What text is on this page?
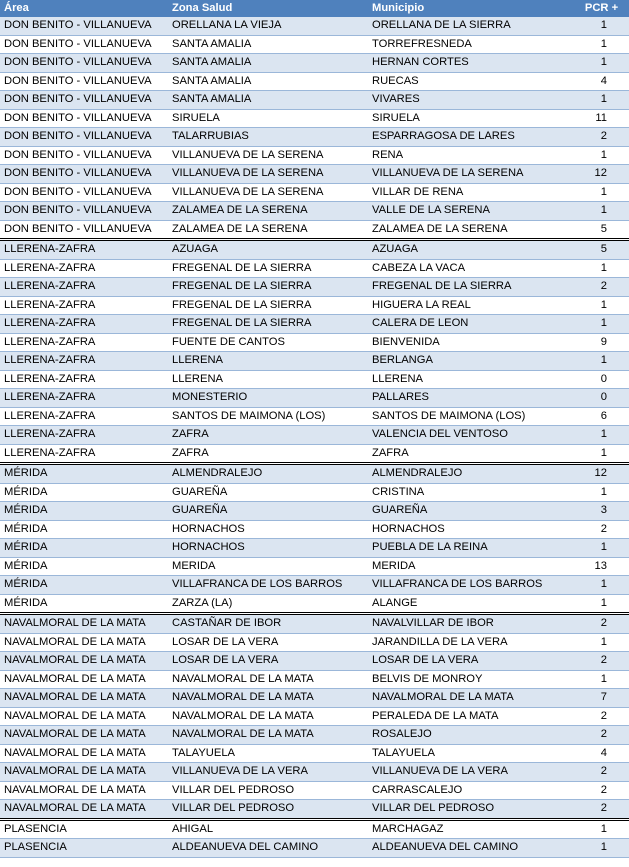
Área	Zona Salud	Municipio	PCR +
DON BENITO - VILLANUEVA	ORELLANA LA VIEJA	ORELLANA DE LA SIERRA	1
DON BENITO - VILLANUEVA	SANTA AMALIA	TORREFRESNEDA	1
DON BENITO - VILLANUEVA	SANTA AMALIA	HERNAN CORTES	1
DON BENITO - VILLANUEVA	SANTA AMALIA	RUECAS	4
DON BENITO - VILLANUEVA	SANTA AMALIA	VIVARES	1
DON BENITO - VILLANUEVA	SIRUELA	SIRUELA	11
DON BENITO - VILLANUEVA	TALARRUBIAS	ESPARRAGOSA DE LARES	2
DON BENITO - VILLANUEVA	VILLANUEVA DE LA SERENA	RENA	1
DON BENITO - VILLANUEVA	VILLANUEVA DE LA SERENA	VILLANUEVA DE LA SERENA	12
DON BENITO - VILLANUEVA	VILLANUEVA DE LA SERENA	VILLAR DE RENA	1
DON BENITO - VILLANUEVA	ZALAMEA DE LA SERENA	VALLE DE LA SERENA	1
DON BENITO - VILLANUEVA	ZALAMEA DE LA SERENA	ZALAMEA DE LA SERENA	5
LLERENA-ZAFRA	AZUAGA	AZUAGA	5
LLERENA-ZAFRA	FREGENAL DE LA SIERRA	CABEZA LA VACA	1
LLERENA-ZAFRA	FREGENAL DE LA SIERRA	FREGENAL DE LA SIERRA	2
LLERENA-ZAFRA	FREGENAL DE LA SIERRA	HIGUERA LA REAL	1
LLERENA-ZAFRA	FREGENAL DE LA SIERRA	CALERA DE LEON	1
LLERENA-ZAFRA	FUENTE DE CANTOS	BIENVENIDA	9
LLERENA-ZAFRA	LLERENA	BERLANGA	1
LLERENA-ZAFRA	LLERENA	LLERENA	0
LLERENA-ZAFRA	MONESTERIO	PALLARES	0
LLERENA-ZAFRA	SANTOS DE MAIMONA (LOS)	SANTOS DE MAIMONA (LOS)	6
LLERENA-ZAFRA	ZAFRA	VALENCIA DEL VENTOSO	1
LLERENA-ZAFRA	ZAFRA	ZAFRA	1
MÉRIDA	ALMENDRALEJO	ALMENDRALEJO	12
MÉRIDA	GUAREÑA	CRISTINA	1
MÉRIDA	GUAREÑA	GUAREÑA	3
MÉRIDA	HORNACHOS	HORNACHOS	2
MÉRIDA	HORNACHOS	PUEBLA DE LA REINA	1
MÉRIDA	MERIDA	MERIDA	13
MÉRIDA	VILLAFRANCA DE LOS BARROS	VILLAFRANCA DE LOS BARROS	1
MÉRIDA	ZARZA (LA)	ALANGE	1
NAVALMORAL DE LA MATA	CASTAÑAR DE IBOR	NAVALVILLAR DE IBOR	2
NAVALMORAL DE LA MATA	LOSAR DE LA VERA	JARANDILLA DE LA VERA	1
NAVALMORAL DE LA MATA	LOSAR DE LA VERA	LOSAR DE LA VERA	2
NAVALMORAL DE LA MATA	NAVALMORAL DE LA MATA	BELVIS DE MONROY	1
NAVALMORAL DE LA MATA	NAVALMORAL DE LA MATA	NAVALMORAL DE LA MATA	7
NAVALMORAL DE LA MATA	NAVALMORAL DE LA MATA	PERALEDA DE LA MATA	2
NAVALMORAL DE LA MATA	NAVALMORAL DE LA MATA	ROSALEJO	2
NAVALMORAL DE LA MATA	TALAYUELA	TALAYUELA	4
NAVALMORAL DE LA MATA	VILLANUEVA DE LA VERA	VILLANUEVA DE LA VERA	2
NAVALMORAL DE LA MATA	VILLAR DEL PEDROSO	CARRASCALEJO	2
NAVALMORAL DE LA MATA	VILLAR DEL PEDROSO	VILLAR DEL PEDROSO	2
PLASENCIA	AHIGAL	MARCHAGAZ	1
PLASENCIA	ALDEANUEVA DEL CAMINO	ALDEANUEVA DEL CAMINO	1
